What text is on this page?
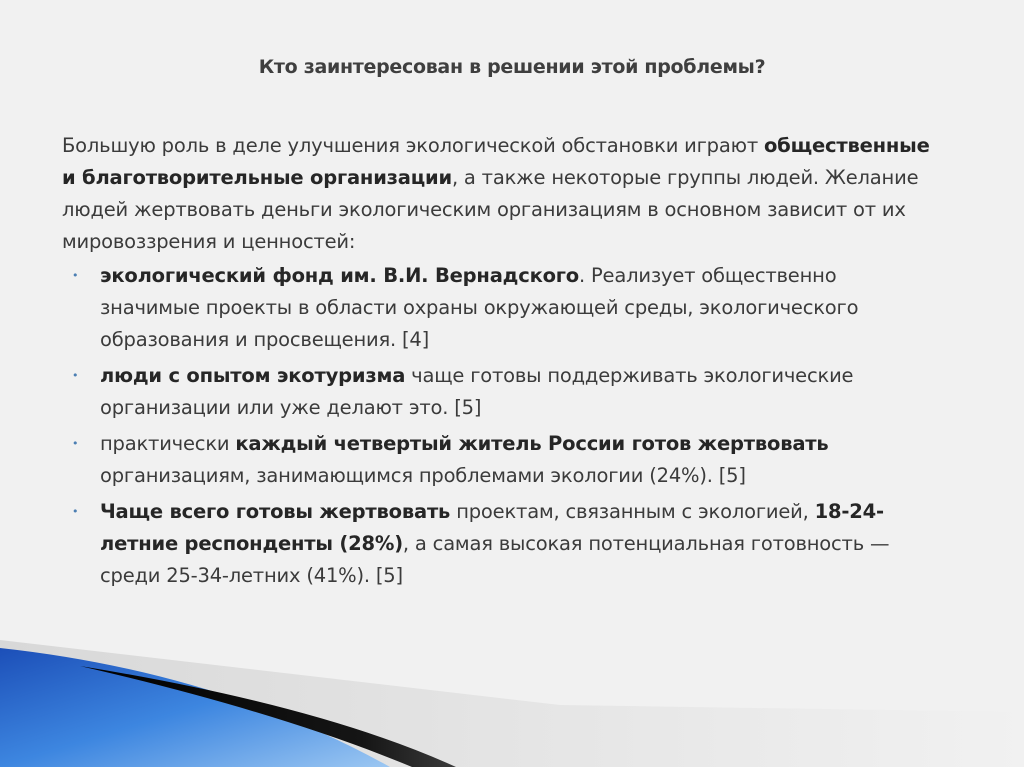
Кто заинтересован в решении этой проблемы?

Большую роль в деле улучшения экологической обстановки играют общественные и благотворительные организации, а также некоторые группы людей. Желание людей жертвовать деньги экологическим организациям в основном зависит от их мировоззрения и ценностей:

• экологический фонд им. В.И. Вернадского. Реализует общественно значимые проекты в области охраны окружающей среды, экологического образования и просвещения. [4]
• люди с опытом экотуризма чаще готовы поддерживать экологические организации или уже делают это. [5]
• практически каждый четвертый житель России готов жертвовать организациям, занимающимся проблемами экологии (24%). [5]
• Чаще всего готовы жертвовать проектам, связанным с экологией, 18-24-летние респонденты (28%), а самая высокая потенциальная готовность — среди 25-34-летних (41%). [5]
